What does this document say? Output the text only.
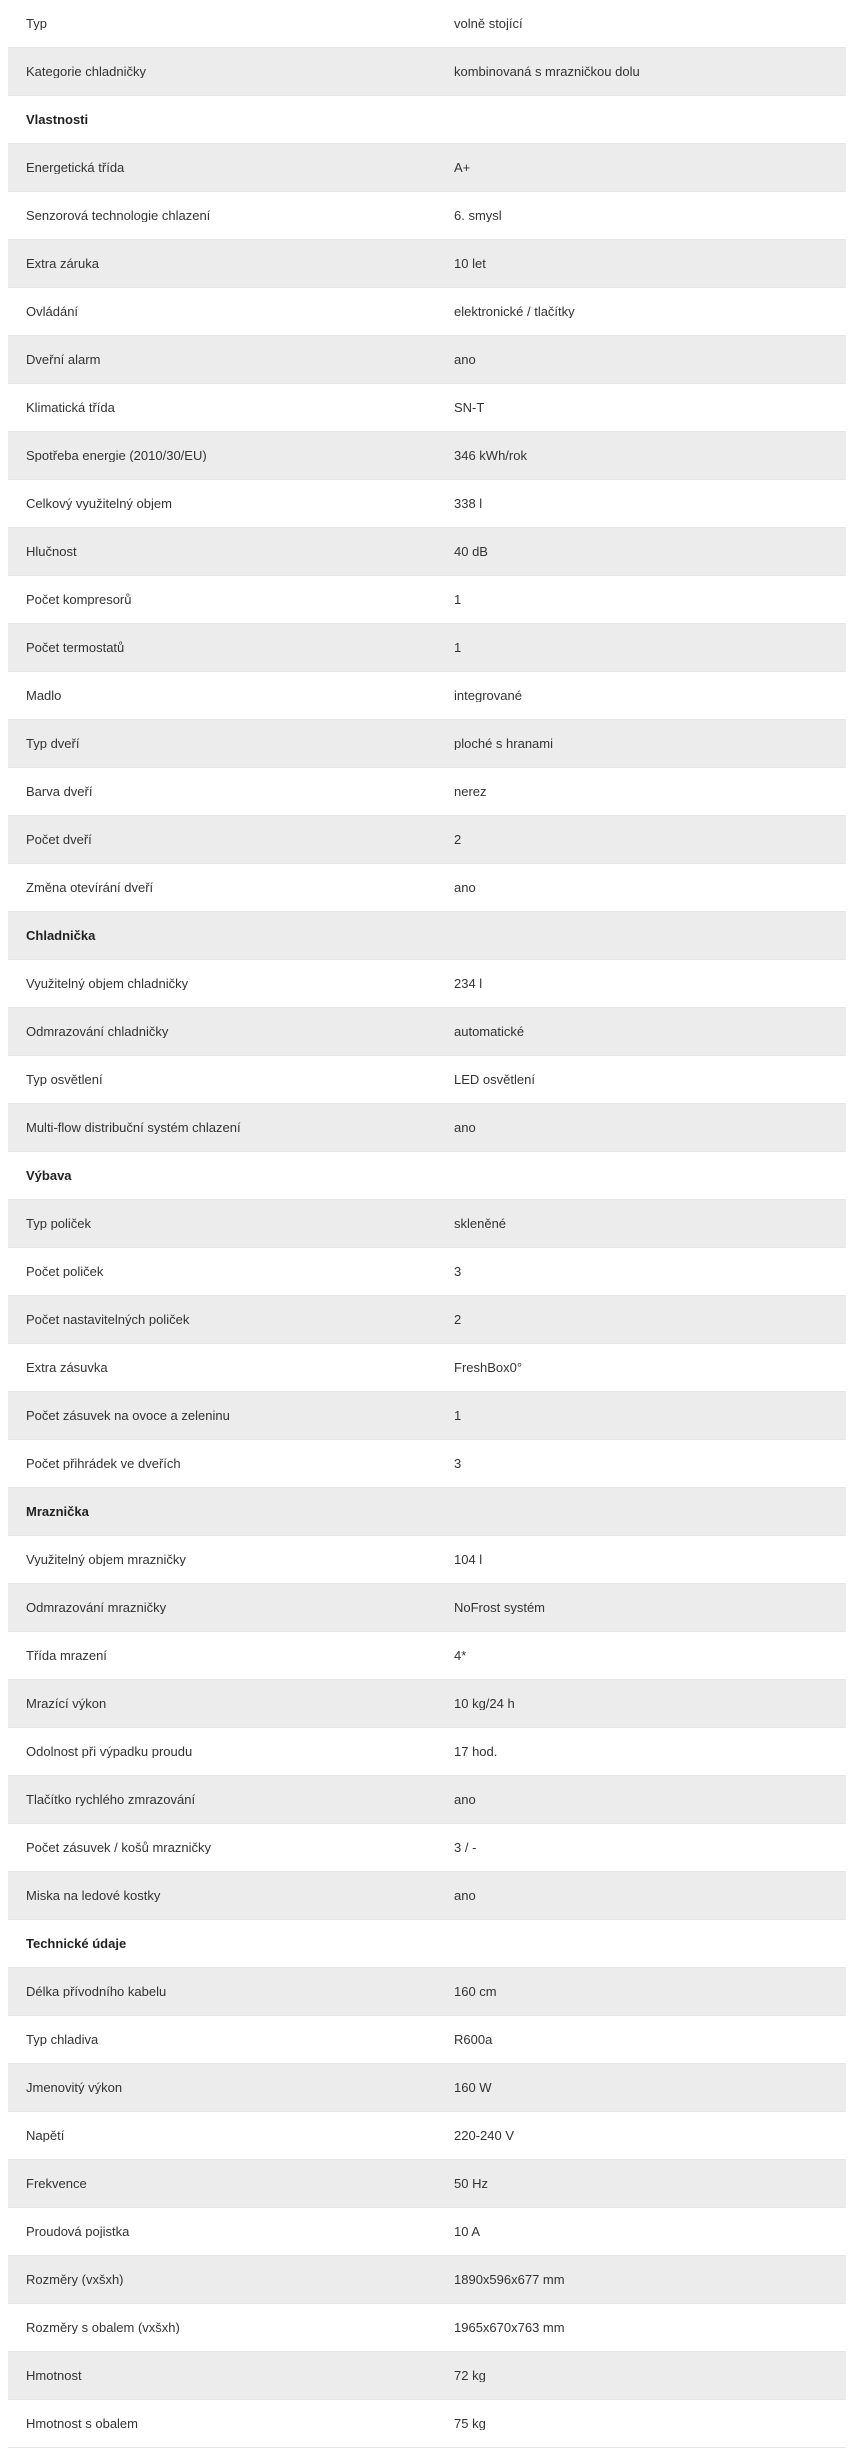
Typ	volně stojící
Kategorie chladničky	kombinovaná s mrazničkou dolu
Vlastnosti
Energetická třída	A+
Senzorová technologie chlazení	6. smysl
Extra záruka	10 let
Ovládání	elektronické / tlačítky
Dveřní alarm	ano
Klimatická třída	SN-T
Spotřeba energie (2010/30/EU)	346 kWh/rok
Celkový využitelný objem	338 l
Hlučnost	40 dB
Počet kompresorů	1
Počet termostatů	1
Madlo	integrované
Typ dveří	ploché s hranami
Barva dveří	nerez
Počet dveří	2
Změna otevírání dveří	ano
Chladnička
Využitelný objem chladničky	234 l
Odmrazování chladničky	automatické
Typ osvětlení	LED osvětlení
Multi-flow distribuční systém chlazení	ano
Výbava
Typ poliček	skleněné
Počet poliček	3
Počet nastavitelných poliček	2
Extra zásuvka	FreshBox0°
Počet zásuvek na ovoce a zeleninu	1
Počet přihrádek ve dveřích	3
Mraznička
Využitelný objem mrazničky	104 l
Odmrazování mrazničky	NoFrost systém
Třída mrazení	4*
Mrazící výkon	10 kg/24 h
Odolnost při výpadku proudu	17 hod.
Tlačítko rychlého zmrazování	ano
Počet zásuvek / košů mrazničky	3 / -
Miska na ledové kostky	ano
Technické údaje
Délka přívodního kabelu	160 cm
Typ chladiva	R600a
Jmenovitý výkon	160 W
Napětí	220-240 V
Frekvence	50 Hz
Proudová pojistka	10 A
Rozměry (vxšxh)	1890x596x677 mm
Rozměry s obalem (vxšxh)	1965x670x763 mm
Hmotnost	72 kg
Hmotnost s obalem	75 kg
